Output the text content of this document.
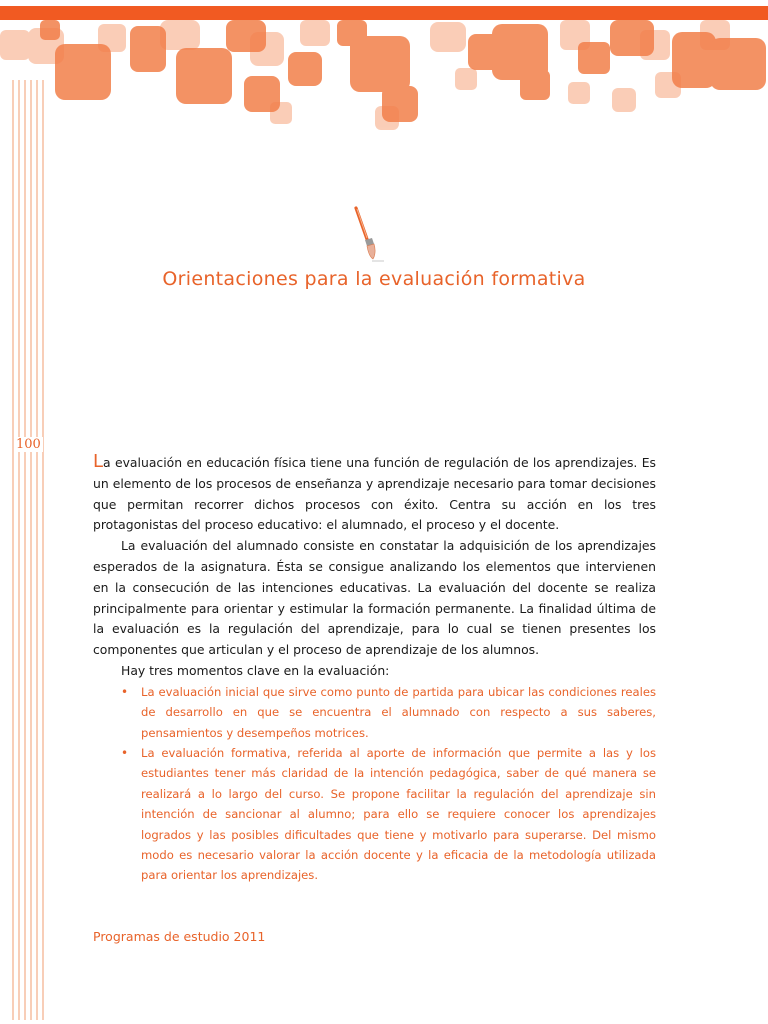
100
Orientaciones para la evaluación formativa

La evaluación en educación física tiene una función de regulación de los aprendizajes. Es un elemento de los procesos de enseñanza y aprendizaje necesario para tomar decisiones que permitan recorrer dichos procesos con éxito. Centra su acción en los tres protagonistas del proceso educativo: el alumnado, el proceso y el docente.

La evaluación del alumnado consiste en constatar la adquisición de los aprendizajes esperados de la asignatura. Ésta se consigue analizando los elementos que intervienen en la consecución de las intenciones educativas. La evaluación del docente se realiza principalmente para orientar y estimular la formación permanente. La finalidad última de la evaluación es la regulación del aprendizaje, para lo cual se tienen presentes los componentes que articulan y el proceso de aprendizaje de los alumnos.

Hay tres momentos clave en la evaluación:

• La evaluación inicial que sirve como punto de partida para ubicar las condiciones reales de desarrollo en que se encuentra el alumnado con respecto a sus saberes, pensamientos y desempeños motrices.
• La evaluación formativa, referida al aporte de información que permite a las y los estudiantes tener más claridad de la intención pedagógica, saber de qué manera se realizará a lo largo del curso. Se propone facilitar la regulación del aprendizaje sin intención de sancionar al alumno; para ello se requiere conocer los aprendizajes logrados y las posibles dificultades que tiene y motivarlo para superarse. Del mismo modo es necesario valorar la acción docente y la eficacia de la metodología utilizada para orientar los aprendizajes.
Programas de estudio 2011
